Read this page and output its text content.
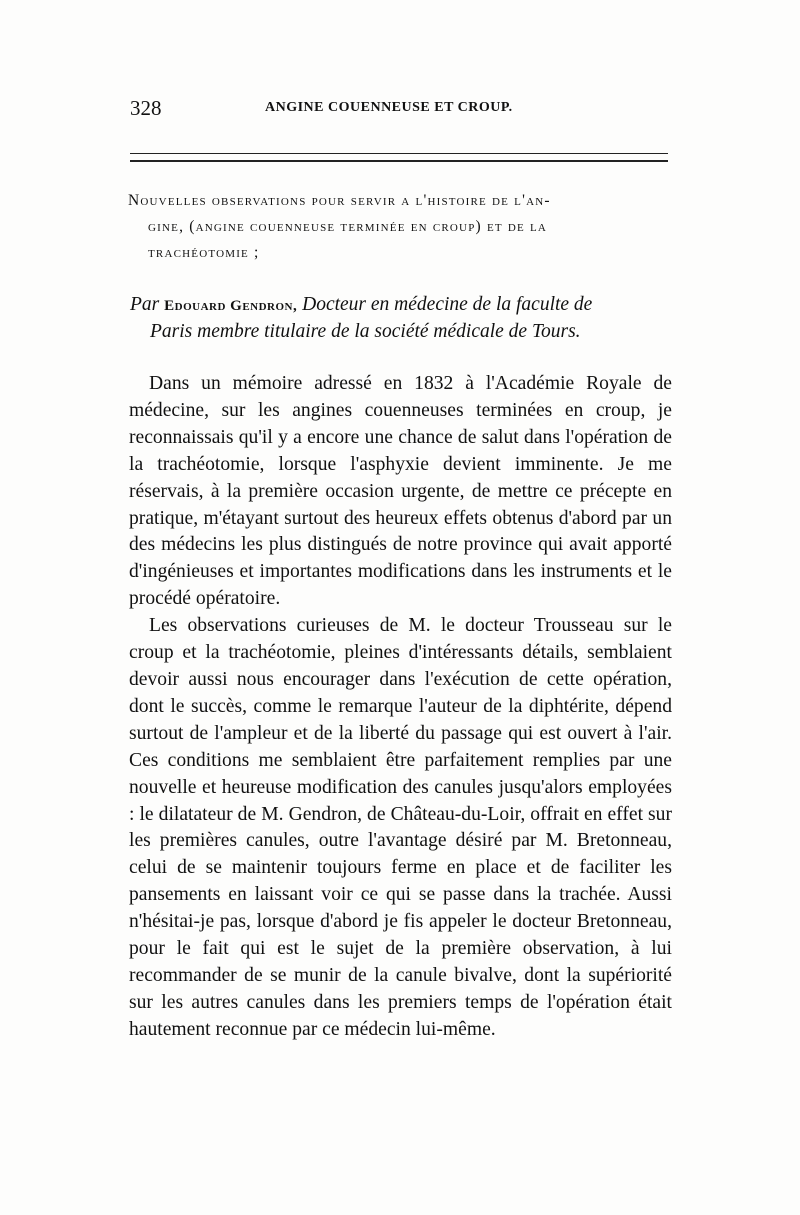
328	ANGINE COUENNEUSE ET CROUP.
Nouvelles observations pour servir a l'histoire de l'an-
gine, (angine couenneuse terminée en croup) et de la
trachéotomie ;
Par Edouard Gendron, Docteur en médecine de la faculte de
Paris membre titulaire de la société médicale de Tours.

Dans un mémoire adressé en 1832 à l'Académie Royale de médecine, sur les angines couenneuses terminées en croup, je reconnaissais qu'il y a encore une chance de salut dans l'opération de la trachéotomie, lorsque l'asphyxie devient imminente. Je me réservais, à la première occasion urgente, de mettre ce précepte en pratique, m'étayant surtout des heureux effets obtenus d'abord par un des médecins les plus distingués de notre province qui avait apporté d'ingénieuses et importantes modifications dans les instruments et le procédé opératoire.

Les observations curieuses de M. le docteur Trousseau sur le croup et la trachéotomie, pleines d'intéressants détails, semblaient devoir aussi nous encourager dans l'exécution de cette opération, dont le succès, comme le remarque l'auteur de la diphtérite, dépend surtout de l'ampleur et de la liberté du passage qui est ouvert à l'air. Ces conditions me semblaient être parfaitement remplies par une nouvelle et heureuse modification des canules jusqu'alors employées : le dilatateur de M. Gendron, de Château-du-Loir, offrait en effet sur les premières canules, outre l'avantage désiré par M. Bretonneau, celui de se maintenir toujours ferme en place et de faciliter les pansements en laissant voir ce qui se passe dans la trachée. Aussi n'hésitai-je pas, lorsque d'abord je fis appeler le docteur Bretonneau, pour le fait qui est le sujet de la première observation, à lui recommander de se munir de la canule bivalve, dont la supériorité sur les autres canules dans les premiers temps de l'opération était hautement reconnue par ce médecin lui-même.
